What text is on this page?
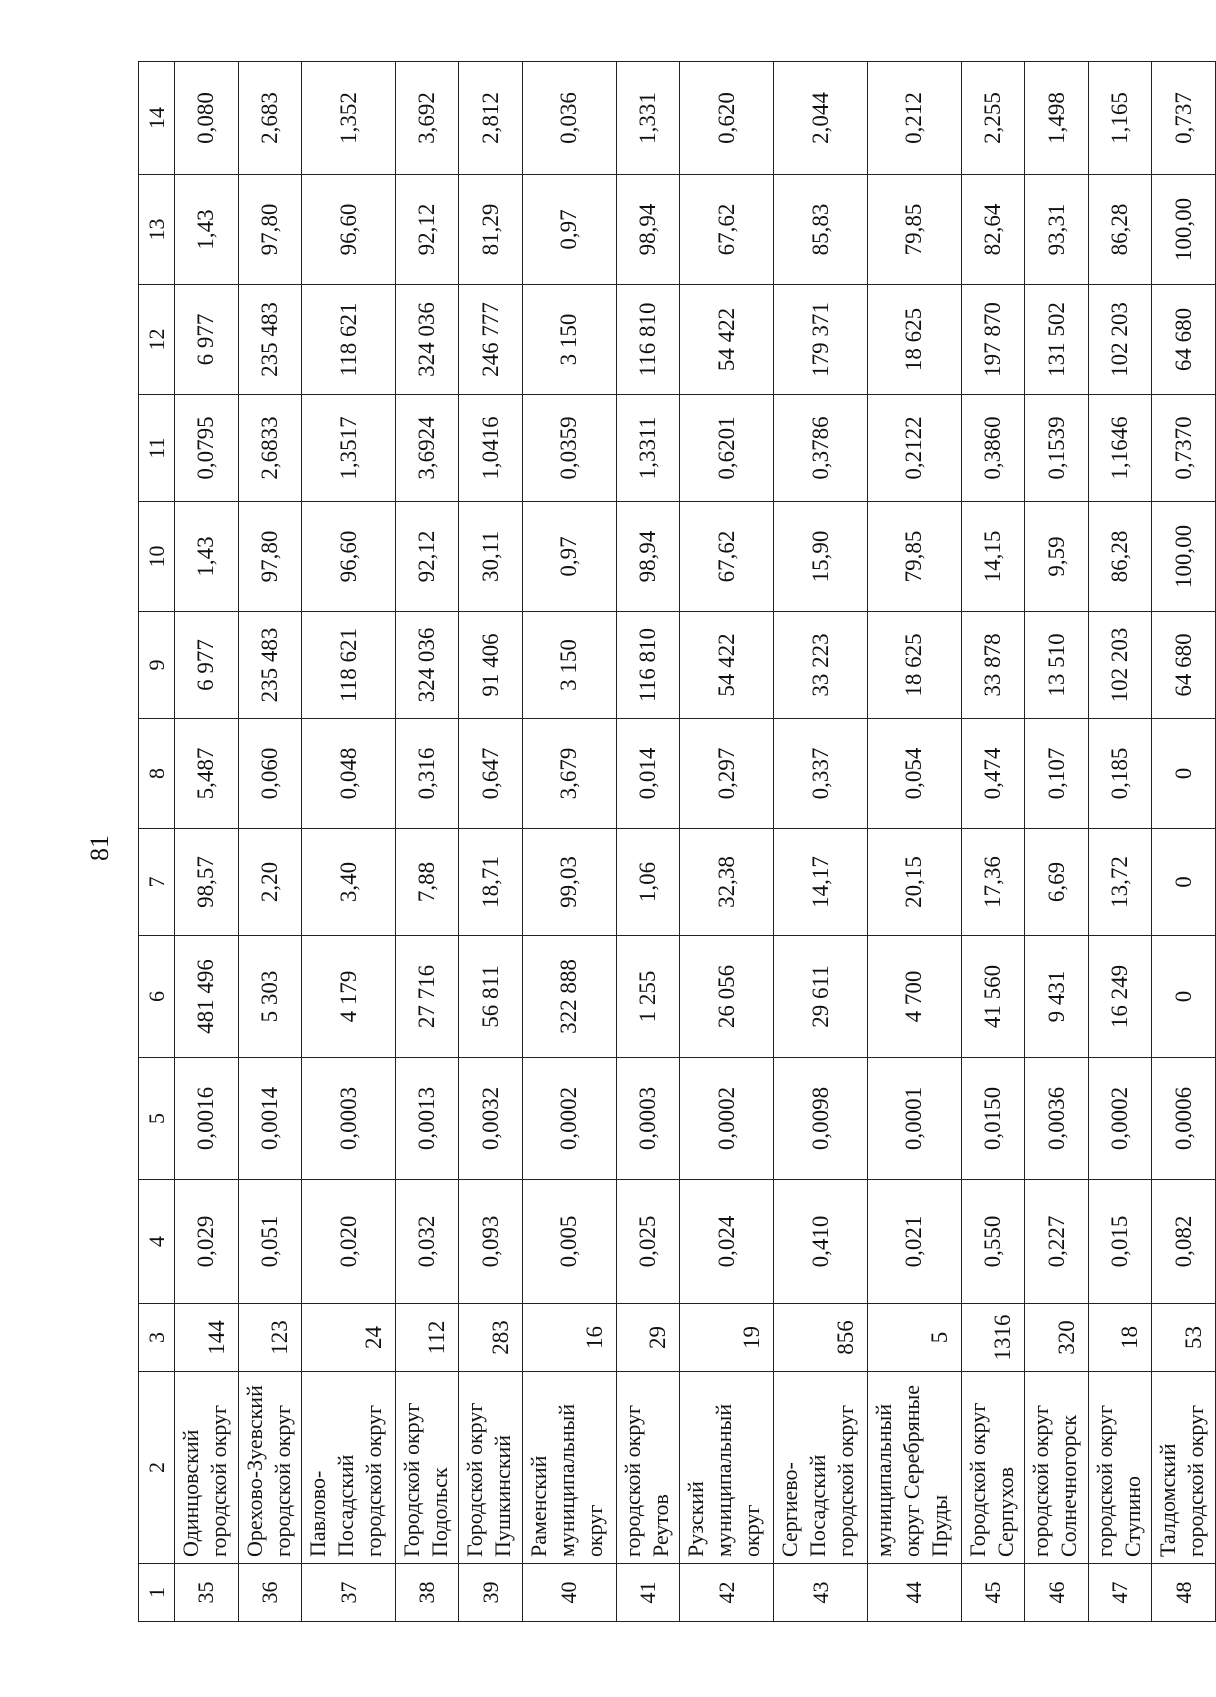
81
1	2	3	4	5	6	7	8	9	10	11	12	13	14
35	Одинцовский городской округ	144	0,029	0,0016	481 496	98,57	5,487	6 977	1,43	0,0795	6 977	1,43	0,080
36	Орехово-Зуевский городской округ	123	0,051	0,0014	5 303	2,20	0,060	235 483	97,80	2,6833	235 483	97,80	2,683
37	Павлово- Посадский городской округ	24	0,020	0,0003	4 179	3,40	0,048	118 621	96,60	1,3517	118 621	96,60	1,352
38	Городской округ Подольск	112	0,032	0,0013	27 716	7,88	0,316	324 036	92,12	3,6924	324 036	92,12	3,692
39	Городской округ Пушкинский	283	0,093	0,0032	56 811	18,71	0,647	91 406	30,11	1,0416	246 777	81,29	2,812
40	Раменский муниципальный округ	16	0,005	0,0002	322 888	99,03	3,679	3 150	0,97	0,0359	3 150	0,97	0,036
41	городской округ Реутов	29	0,025	0,0003	1 255	1,06	0,014	116 810	98,94	1,3311	116 810	98,94	1,331
42	Рузский муниципальный округ	19	0,024	0,0002	26 056	32,38	0,297	54 422	67,62	0,6201	54 422	67,62	0,620
43	Сергиево-Посадский городской округ	856	0,410	0,0098	29 611	14,17	0,337	33 223	15,90	0,3786	179 371	85,83	2,044
44	муниципальный округ Серебряные Пруды	5	0,021	0,0001	4 700	20,15	0,054	18 625	79,85	0,2122	18 625	79,85	0,212
45	Городской округ Серпухов	1316	0,550	0,0150	41 560	17,36	0,474	33 878	14,15	0,3860	197 870	82,64	2,255
46	городской округ Солнечногорск	320	0,227	0,0036	9 431	6,69	0,107	13 510	9,59	0,1539	131 502	93,31	1,498
47	городской округ Ступино	18	0,015	0,0002	16 249	13,72	0,185	102 203	86,28	1,1646	102 203	86,28	1,165
48	Талдомский городской округ	53	0,082	0,0006	0	0	0	64 680	100,00	0,7370	64 680	100,00	0,737
